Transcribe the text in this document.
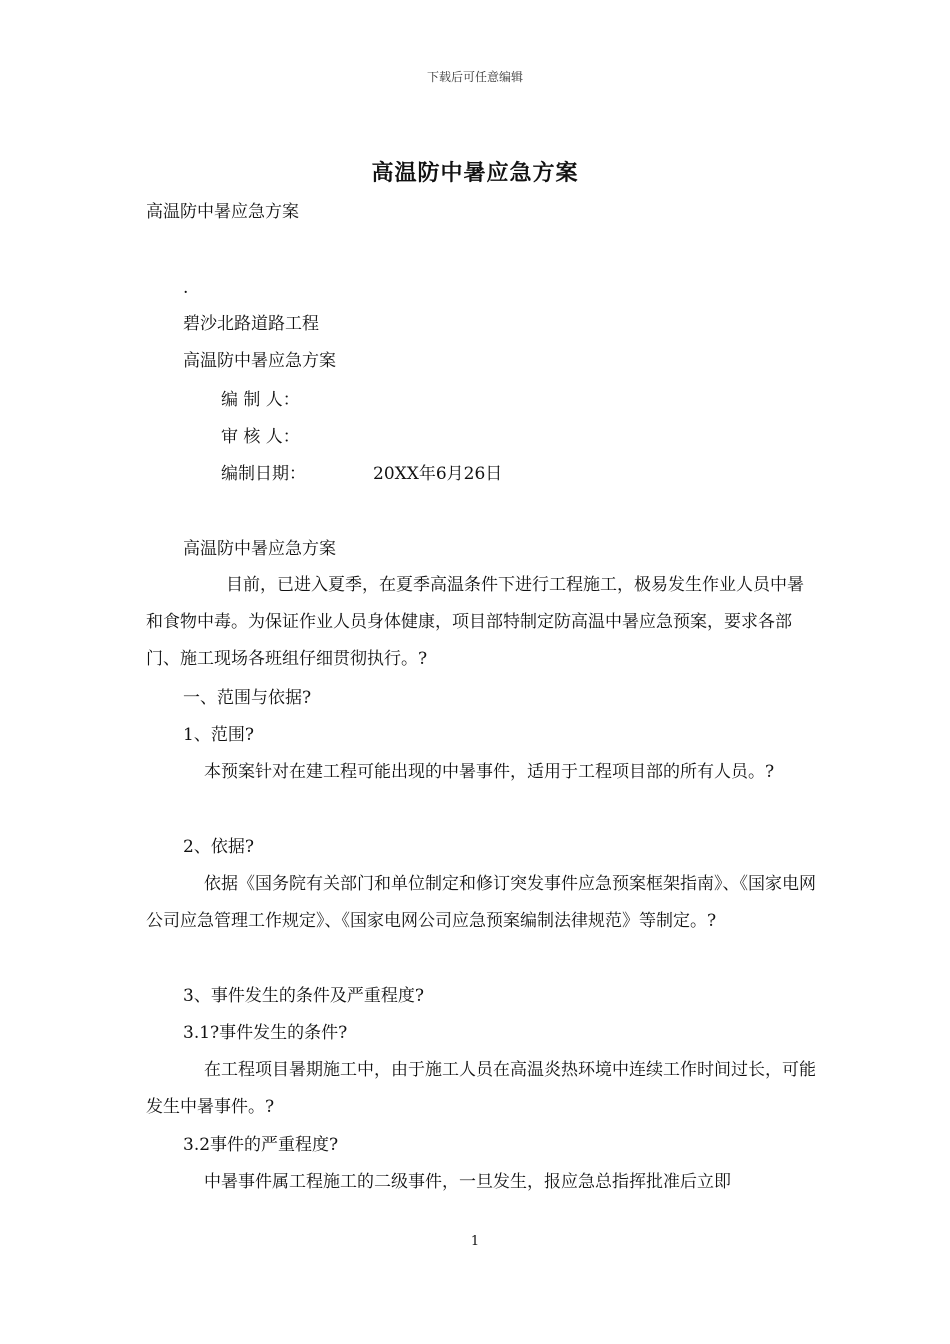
下载后可任意编辑
高温防中暑应急方案
高温防中暑应急方案
.
碧沙北路道路工程
高温防中暑应急方案
编 制 人：
审 核 人：
编制日期：	20XX年6月26日
高温防中暑应急方案

目前，已进入夏季，在夏季高温条件下进行工程施工，极易发生作业人员中暑和食物中毒。为保证作业人员身体健康，项目部特制定防高温中暑应急预案，要求各部门、施工现场各班组仔细贯彻执行。?

一、范围与依据?
1、范围?

本预案针对在建工程可能出现的中暑事件，适用于工程项目部的所有人员。?

2、依据?

依据《国务院有关部门和单位制定和修订突发事件应急预案框架指南》、《国家电网公司应急管理工作规定》、《国家电网公司应急预案编制法律规范》等制定。?

3、事件发生的条件及严重程度?
3.1?事件发生的条件?

在工程项目暑期施工中，由于施工人员在高温炎热环境中连续工作时间过长，可能发生中暑事件。?

3.2事件的严重程度?

中暑事件属工程施工的二级事件，一旦发生，报应急总指挥批准后立即

1
